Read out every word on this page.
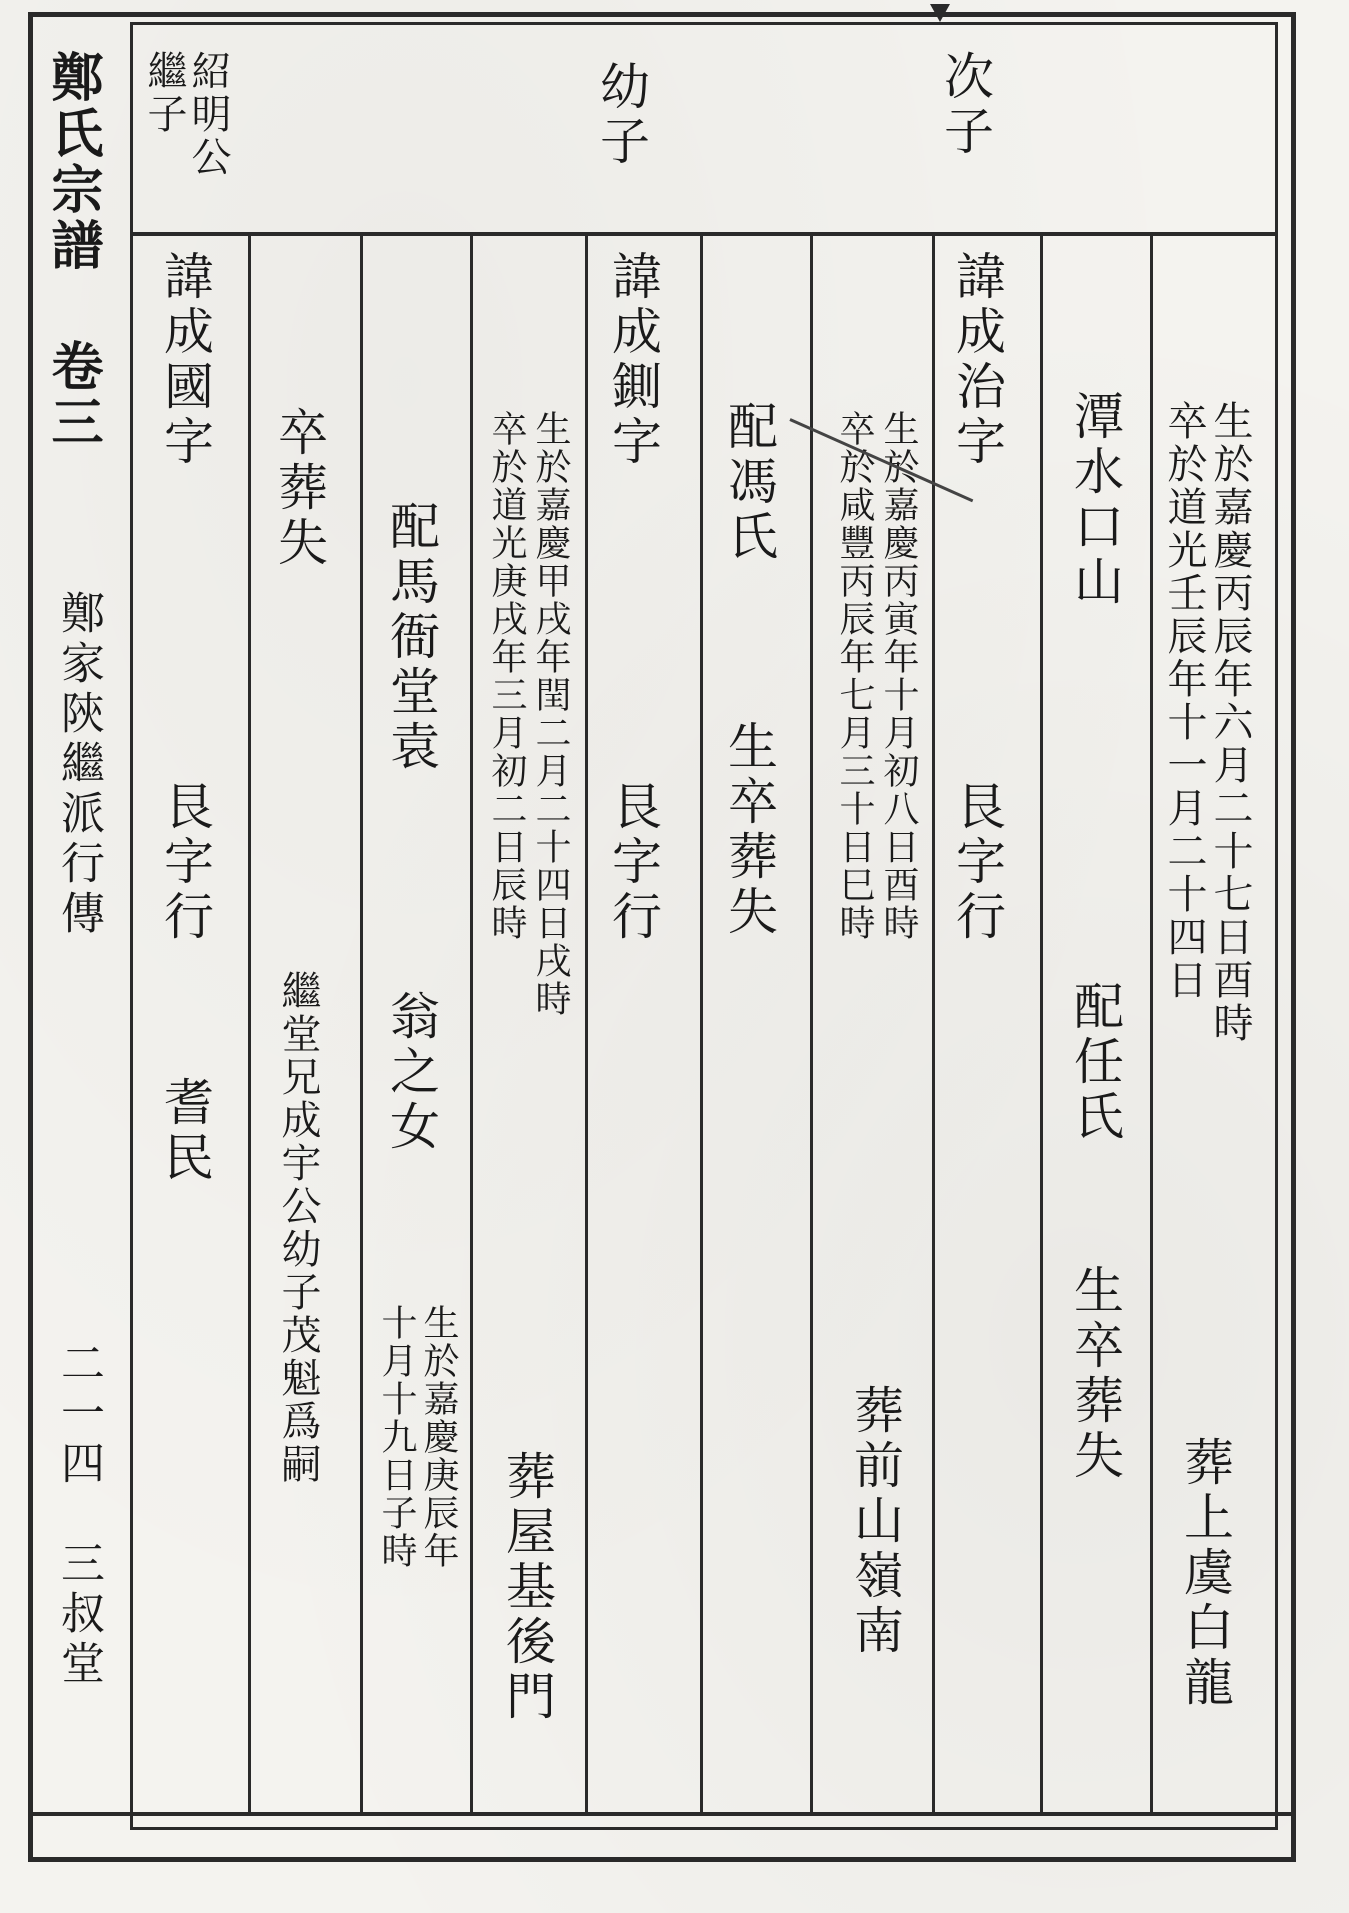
鄭氏宗譜 卷三
鄭家陝繼派行傳
二一四
三叔堂
次子
幼子
紹明公
繼子
生於嘉慶丙辰年六月二十七日酉時
卒於道光壬辰年十一月二十四日
葬上虞白龍
潭水口山
配任氏
生卒葬失
諱成治字
艮字行
生於嘉慶丙寅年十月初八日酉時
卒於咸豐丙辰年七月三十日巳時
葬前山嶺南
配馮氏
生卒葬失
諱成鍘字
艮字行
生於嘉慶甲戌年閏二月二十四日戌時
卒於道光庚戌年三月初二日辰時
葬屋基後門
配馬衙堂袁
翁之女
生於嘉慶庚辰年
十月十九日子時
卒葬失
繼堂兄成宇公幼子茂魁爲嗣
諱成國字
艮字行
耆民
